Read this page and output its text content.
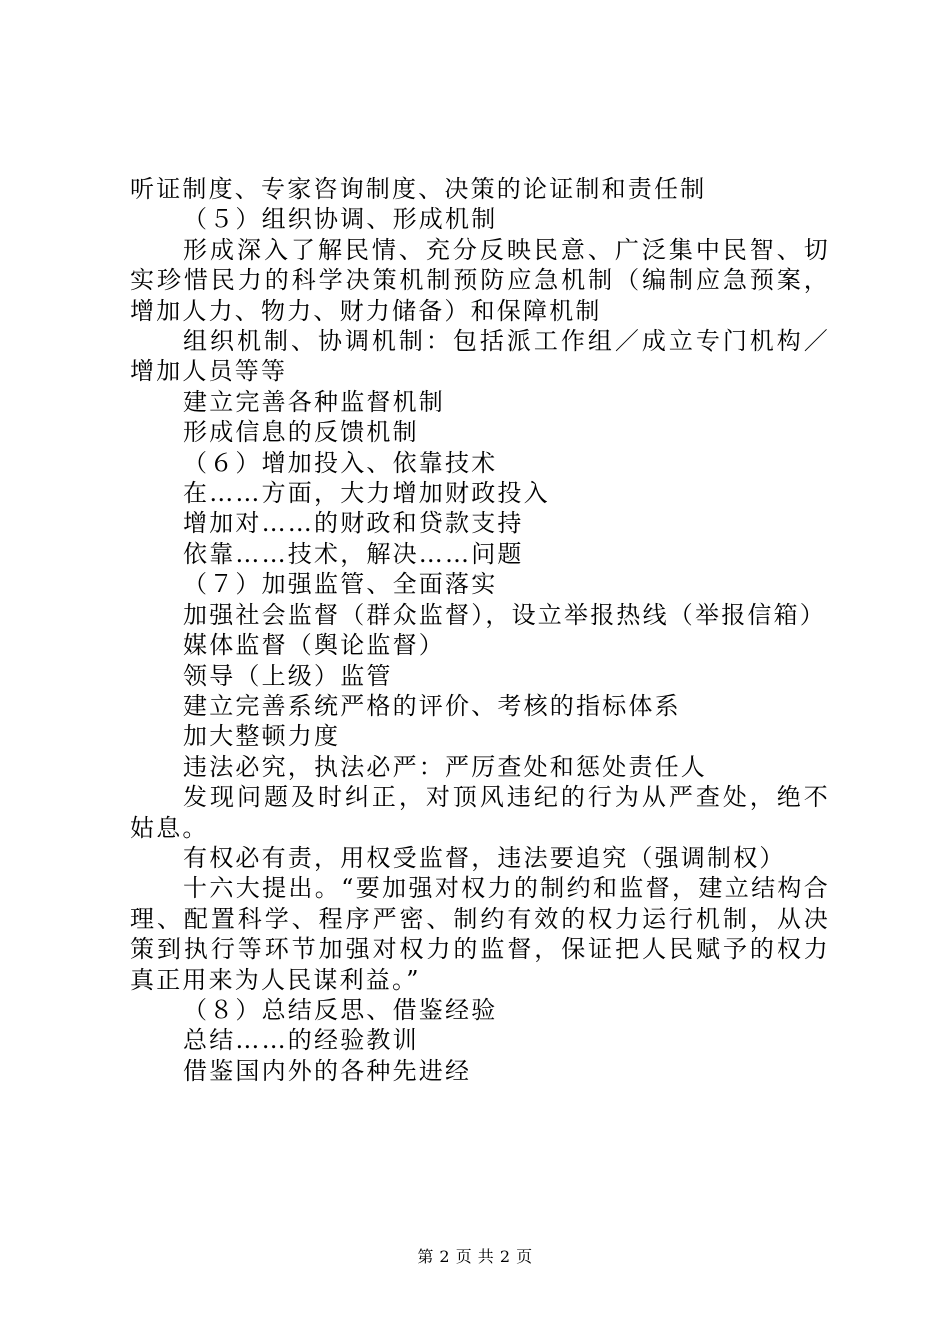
听证制度、专家咨询制度、决策的论证制和责任制

（５）组织协调、形成机制

形成深入了解民情、充分反映民意、广泛集中民智、切实珍惜民力的科学决策机制预防应急机制（编制应急预案，增加人力、物力、财力储备）和保障机制

组织机制、协调机制：包括派工作组／成立专门机构／增加人员等等

建立完善各种监督机制

形成信息的反馈机制

（６）增加投入、依靠技术

在……方面，大力增加财政投入

增加对……的财政和贷款支持

依靠……技术，解决……问题

（７）加强监管、全面落实

加强社会监督（群众监督），设立举报热线（举报信箱）

媒体监督（舆论监督）

领导（上级）监管

建立完善系统严格的评价、考核的指标体系

加大整顿力度

违法必究，执法必严：严厉查处和惩处责任人

发现问题及时纠正，对顶风违纪的行为从严查处，绝不姑息。

有权必有责，用权受监督，违法要追究（强调制权）

十六大提出。“要加强对权力的制约和监督，建立结构合理、配置科学、程序严密、制约有效的权力运行机制，从决策到执行等环节加强对权力的监督，保证把人民赋予的权力真正用来为人民谋利益。”

（８）总结反思、借鉴经验

总结……的经验教训

借鉴国内外的各种先进经

第 2 页 共 2 页
